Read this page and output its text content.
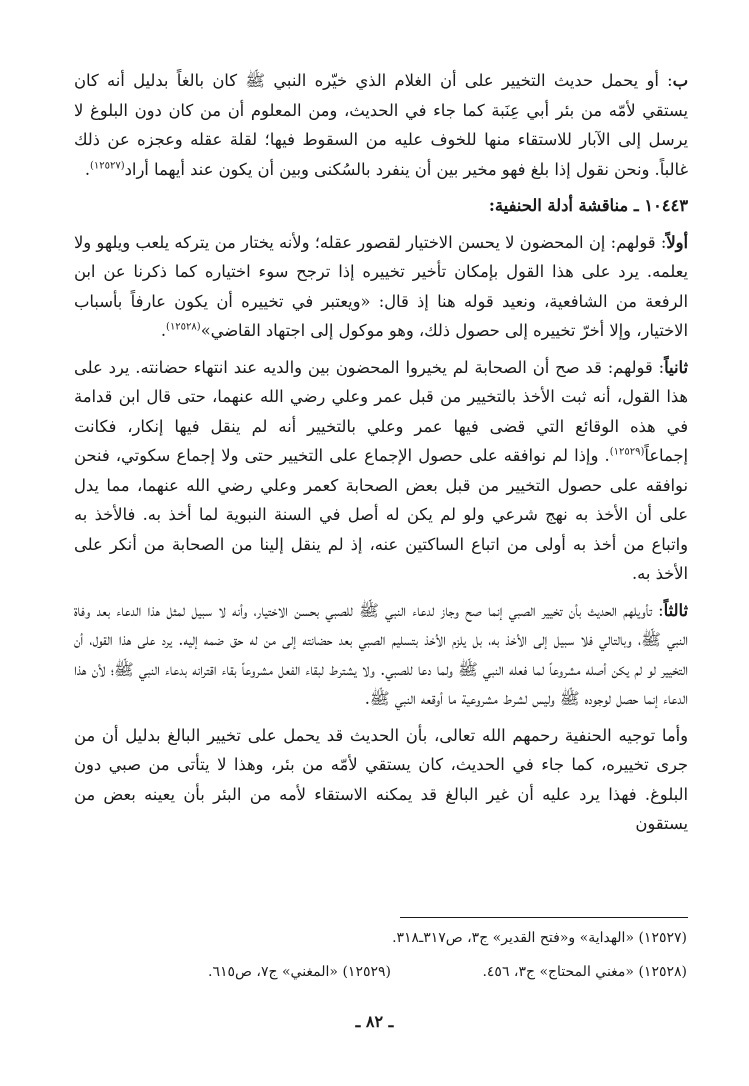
ب: أو يحمل حديث التخيير على أن الغلام الذي خيّره النبي ﷺ كان بالغاً بدليل أنه كان يستقي لأمّه من بئر أبي عِنَبة كما جاء في الحديث، ومن المعلوم أن من كان دون البلوغ لا يرسل إلى الآبار للاستقاء منها للخوف عليه من السقوط فيها؛ لقلة عقله وعجزه عن ذلك غالباً. ونحن نقول إذا بلغ فهو مخير بين أن ينفرد بالسُكنى وبين أن يكون عند أيهما أراد$^{(١٢٥٢٧)}$.

١٠٤٤٣ ـ مناقشة أدلة الحنفية:

أولاً: قولهم: إن المحضون لا يحسن الاختيار لقصور عقله؛ ولأنه يختار من يتركه يلعب ويلهو ولا يعلمه. يرد على هذا القول بإمكان تأخير تخييره إذا ترجح سوء اختياره كما ذكرنا عن ابن الرفعة من الشافعية، ونعيد قوله هنا إذ قال: «ويعتبر في تخييره أن يكون عارفاً بأسباب الاختيار، وإلا أخرّ تخييره إلى حصول ذلك، وهو موكول إلى اجتهاد القاضي»$^{(١٢٥٢٨)}$.

ثانياً: قولهم: قد صح أن الصحابة لم يخيروا المحضون بين والديه عند انتهاء حضانته. يرد على هذا القول، أنه ثبت الأخذ بالتخيير من قبل عمر وعلي رضي الله عنهما، حتى قال ابن قدامة في هذه الوقائع التي قضى فيها عمر وعلي بالتخيير أنه لم ينقل فيها إنكار، فكانت إجماعاً$^{(١٢٥٢٩)}$. وإذا لم نوافقه على حصول الإجماع على التخيير حتى ولا إجماع سكوتي، فنحن نوافقه على حصول التخيير من قبل بعض الصحابة كعمر وعلي رضي الله عنهما، مما يدل على أن الأخذ به نهج شرعي ولو لم يكن له أصل في السنة النبوية لما أخذ به. فالأخذ به واتباع من أخذ به أولى من اتباع الساكتين عنه، إذ لم ينقل إلينا من الصحابة من أنكر على الأخذ به.

ثالثاً: تأويلهم الحديث بأن تخيير الصبي إنما صح وجاز لدعاء النبي ﷺ للصبي بحسن الاختيار، وأنه لا سبيل لمثل هذا الدعاء بعد وفاة النبي ﷺ، وبالتالي فلا سبيل إلى الأخذ به، بل يلزم الأخذ بتسليم الصبي بعد حضانته إلى من له حق ضمه إليه. يرد على هذا القول، أن التخيير لو لم يكن أصله مشروعاً لما فعله النبي ﷺ ولما دعا للصبي. ولا يشترط لبقاء الفعل مشروعاً بقاء اقترانه بدعاء النبي ﷺ؛ لأن هذا الدعاء إنما حصل لوجوده ﷺ وليس لشرط مشروعية ما أوقعه النبي ﷺ.

وأما توجيه الحنفية رحمهم الله تعالى، بأن الحديث قد يحمل على تخيير البالغ بدليل أن من جرى تخييره، كما جاء في الحديث، كان يستقي لأمّه من بئر، وهذا لا يتأتى من صبي دون البلوغ. فهذا يرد عليه أن غير البالغ قد يمكنه الاستقاء لأمه من البئر بأن يعينه بعض من يستقون

(١٢٥٢٧) «الهداية» و«فتح القدير» ج٣، ص٣١٧ـ٣١٨.
(١٢٥٢٨) «مغني المحتاج» ج٣، ٤٥٦.
(١٢٥٢٩) «المغني» ج٧، ص٦١٥.
ـ ٨٢ ـ
